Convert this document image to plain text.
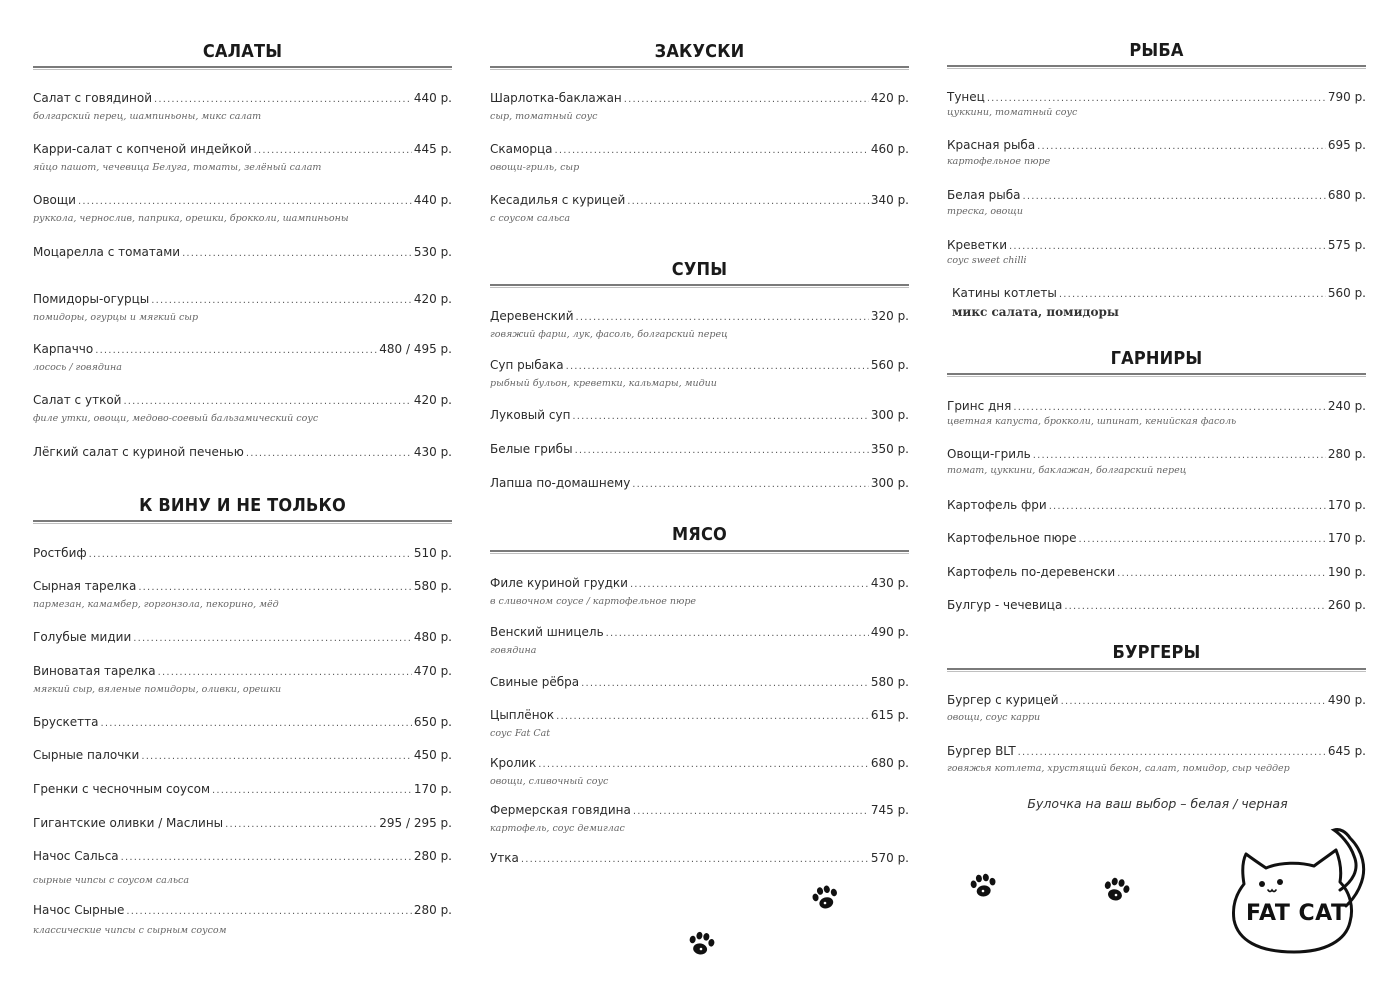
САЛАТЫ
Салат с говядиной . . .	440 р.
болгарский перец, шампиньоны, микс салат
Карри-салат с копченой индейкой . . .	445 р.
яйцо пашот, чечевица Белуга, томаты, зелёный салат
Овощи . . .	440 р.
руккола, чернослив, паприка, орешки, брокколи, шампиньоны
Моцарелла с томатами . . .	530 р.
Помидоры-огурцы . . .	420 р.
помидоры, огурцы и мягкий сыр
Карпаччо . . .	480 / 495 р.
лосось / говядина
Салат с уткой . . .	420 р.
филе утки, овощи, медово-соевый бальзамический соус
Лёгкий салат с куриной печенью . . .	430 р.
К ВИНУ И НЕ ТОЛЬКО
Ростбиф . . .	510 р.
Сырная тарелка . . .	580 р.
пармезан, камамбер, горгонзола, пекорино, мёд
Голубые мидии . . .	480 р.
Виноватая тарелка . . .	470 р.
мягкий сыр, вяленые помидоры, оливки, орешки
Брускетта . . .	650 р.
Сырные палочки . . .	450 р.
Гренки с чесночным соусом . . .	170 р.
Гигантские оливки / Маслины . . .	295 / 295 р.
Начос Сальса . . .	280 р.
сырные чипсы с соусом сальса
Начос Сырные . . .	280 р.
классические чипсы с сырным соусом
ЗАКУСКИ
Шарлотка-баклажан . . .	420 р.
сыр, томатный соус
Скаморца . . .	460 р.
овощи-гриль, сыр
Кесадилья с курицей . . .	340 р.
с соусом сальса
СУПЫ
Деревенский . . .	320 р.
говяжий фарш, лук, фасоль, болгарский перец
Суп рыбака . . .	560 р.
рыбный бульон, креветки, кальмары, мидии
Луковый суп . . .	300 р.
Белые грибы . . .	350 р.
Лапша по-домашнему . . .	300 р.
МЯСО
Филе куриной грудки . . .	430 р.
в сливочном соусе / картофельное пюре
Венский шницель . . .	490 р.
говядина
Свиные рёбра . . .	580 р.
Цыплёнок . . .	615 р.
соус Fat Cat
Кролик . . .	680 р.
овощи, сливочный соус
Фермерская говядина . . .	745 р.
картофель, соус демиглас
Утка . . .	570 р.
РЫБА
Тунец . . .	790 р.
цуккини, томатный соус
Красная рыба . . .	695 р.
картофельное пюре
Белая рыба . . .	680 р.
треска, овощи
Креветки . . .	575 р.
соус sweet chilli
Катины котлеты . . .	560 р.
микс салата, помидоры
ГАРНИРЫ
Гринс дня . . .	240 р.
цветная капуста, брокколи, шпинат, кенийская фасоль
Овощи-гриль . . .	280 р.
томат, цуккини, баклажан, болгарский перец
Картофель фри . . .	170 р.
Картофельное пюре . . .	170 р.
Картофель по-деревенски . . .	190 р.
Булгур - чечевица . . .	260 р.
БУРГЕРЫ
Бургер с курицей . . .	490 р.
овощи, соус карри
Бургер BLT . . .	645 р.
говяжья котлета, хрустящий бекон, салат, помидор, сыр чеддер
Булочка на ваш выбор – белая / черная
FAT CAT
